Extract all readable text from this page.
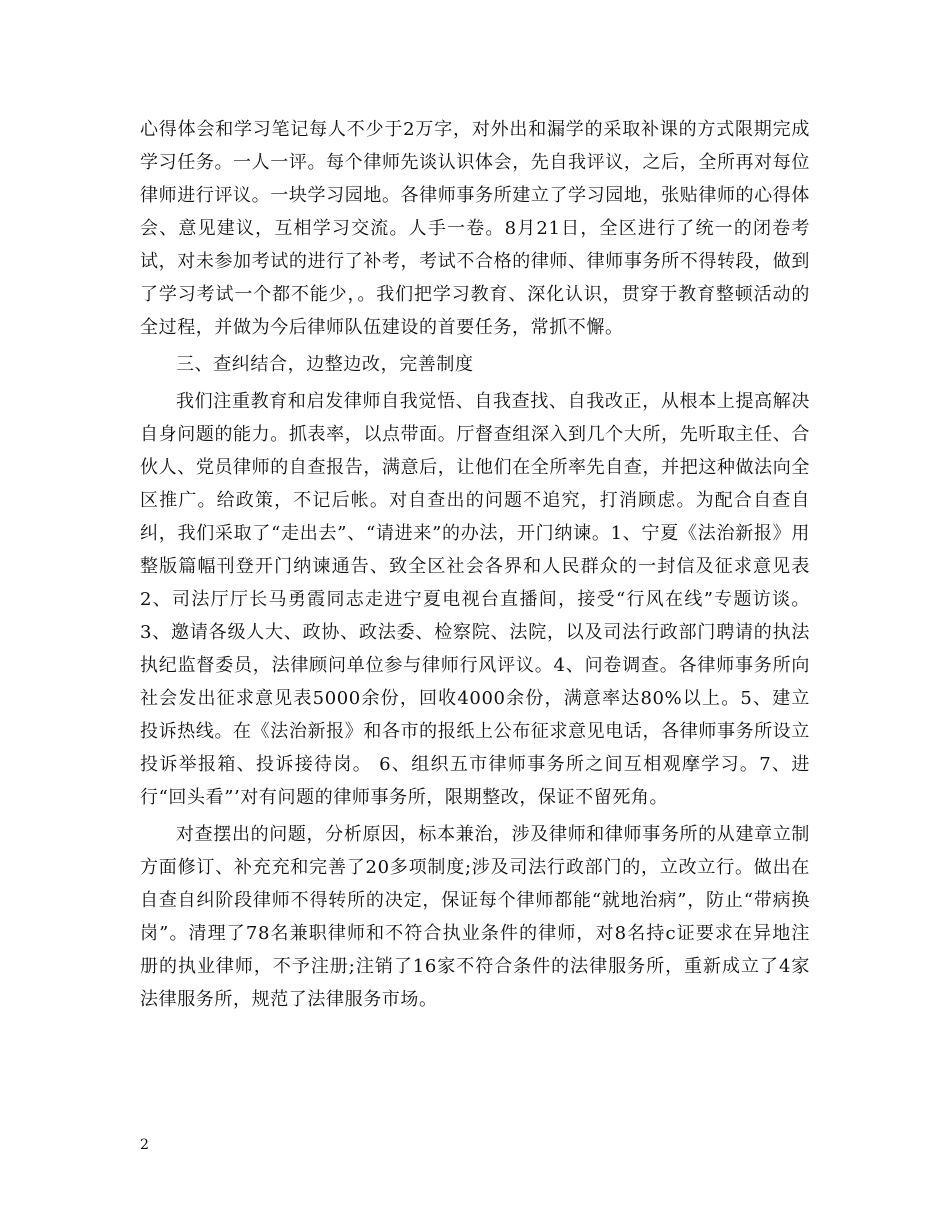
心得体会和学习笔记每人不少于2万字，对外出和漏学的采取补课的方式限期完成学习任务。一人一评。每个律师先谈认识体会，先自我评议，之后，全所再对每位律师进行评议。一块学习园地。各律师事务所建立了学习园地，张贴律师的心得体会、意见建议，互相学习交流。人手一卷。8月21日，全区进行了统一的闭卷考试，对未参加考试的进行了补考，考试不合格的律师、律师事务所不得转段，做到了学习考试一个都不能少，。我们把学习教育、深化认识，贯穿于教育整顿活动的全过程，并做为今后律师队伍建设的首要任务，常抓不懈。

三、查纠结合，边整边改，完善制度

我们注重教育和启发律师自我觉悟、自我查找、自我改正，从根本上提高解决自身问题的能力。抓表率，以点带面。厅督查组深入到几个大所，先听取主任、合伙人、党员律师的自查报告，满意后，让他们在全所率先自查，并把这种做法向全区推广。给政策，不记后帐。对自查出的问题不追究，打消顾虑。为配合自查自纠，我们采取了“走出去”、“请进来”的办法，开门纳谏。1、宁夏《法治新报》用整版篇幅刊登开门纳谏通告、致全区社会各界和人民群众的一封信及征求意见表2、司法厅厅长马勇霞同志走进宁夏电视台直播间，接受“行风在线”专题访谈。3、邀请各级人大、政协、政法委、检察院、法院，以及司法行政部门聘请的执法执纪监督委员，法律顾问单位参与律师行风评议。4、问卷调查。各律师事务所向社会发出征求意见表5000余份，回收4000余份，满意率达80%以上。5、建立投诉热线。在《法治新报》和各市的报纸上公布征求意见电话，各律师事务所设立投诉举报箱、投诉接待岗。 6、组织五市律师事务所之间互相观摩学习。7、进行“回头看”’对有问题的律师事务所，限期整改，保证不留死角。

对查摆出的问题，分析原因，标本兼治，涉及律师和律师事务所的从建章立制方面修订、补充充和完善了20多项制度;涉及司法行政部门的，立改立行。做出在自查自纠阶段律师不得转所的决定，保证每个律师都能“就地治病”，防止“带病换岗”。清理了78名兼职律师和不符合执业条件的律师，对8名持c证要求在异地注册的执业律师，不予注册;注销了16家不符合条件的法律服务所，重新成立了4家法律服务所，规范了法律服务市场。

2
